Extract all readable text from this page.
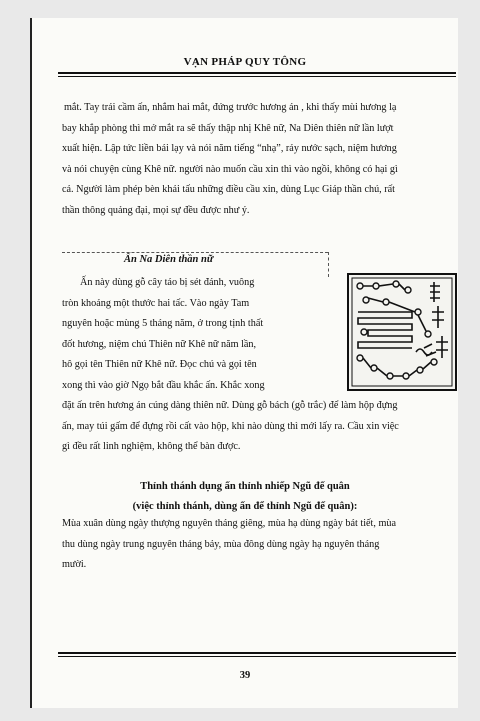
VẠN PHÁP QUY TÔNG

mắt. Tay trái cầm ấn, nhắm hai mắt, đứng trước hương án , khi thấy mùi hương lạ
bay khắp phòng thì mở mắt ra sẽ thấy thập nhị Khê nữ, Na Diên thiên nữ lần lượt
xuất hiện. Lập tức liền bái lạy và nói năm tiếng “nhạ”, rảy nước sạch, niệm hương
và nói chuyện cùng Khê nữ. người nào muốn cầu xin thì vào ngồi, không có hại gì
cả. Người làm phép bèn khải tấu những điều cầu xin, dùng Lục Giáp thần chú, rất
thần thông quảng đại, mọi sự đều được như ý.

Ấn Na Diên thần nữ

Ấn này dùng gỗ cây táo bị sét đánh, vuông
tròn khoảng một thước hai tấc. Vào ngày Tam
nguyên hoặc mùng 5 tháng năm, ở trong tịnh thất
đốt hương, niệm chú Thiên nữ Khê nữ năm lần,
hô gọi tên Thiên nữ Khê nữ. Đọc chú và gọi tên
xong thì vào giờ Ngọ bắt đầu khắc ấn. Khắc xong

đặt ấn trên hương án cúng dàng thiên nữ. Dùng gỗ bách (gỗ trắc) để làm hộp đựng
ấn, may túi gấm để đựng rồi cất vào hộp, khi nào dùng thì mới lấy ra. Cầu xin việc
gì đều rất linh nghiệm, không thể bàn được.

Thỉnh thánh dụng ấn thỉnh nhiếp Ngũ đế quân
(việc thỉnh thánh, dùng ấn để thỉnh Ngũ đế quân):

Mùa xuân dùng ngày thượng nguyên tháng giêng, mùa hạ dùng ngày bát tiết, mùa
thu dùng ngày trung nguyên tháng bảy, mùa đông dùng ngày hạ nguyên tháng
mười.

39
